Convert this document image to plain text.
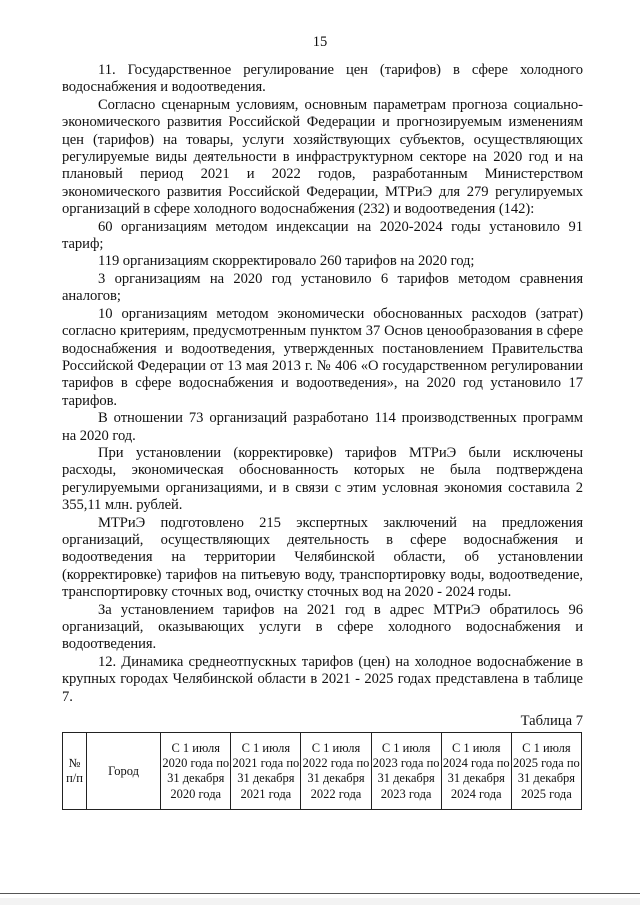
15

11. Государственное регулирование цен (тарифов) в сфере холодного водоснабжения и водоотведения.

Согласно сценарным условиям, основным параметрам прогноза социально-экономического развития Российской Федерации и прогнозируемым изменениям цен (тарифов) на товары, услуги хозяйствующих субъектов, осуществляющих регулируемые виды деятельности в инфраструктурном секторе на 2020 год и на плановый период 2021 и 2022 годов, разработанным Министерством экономического развития Российской Федерации, МТРиЭ для 279 регулируемых организаций в сфере холодного водоснабжения (232) и водоотведения (142):

60 организациям методом индексации на 2020-2024 годы установило 91 тариф;

119 организациям скорректировало 260 тарифов на 2020 год;

3 организациям на 2020 год установило 6 тарифов методом сравнения аналогов;

10 организациям методом экономически обоснованных расходов (затрат) согласно критериям, предусмотренным пунктом 37 Основ ценообразования в сфере водоснабжения и водоотведения, утвержденных постановлением Правительства Российской Федерации от 13 мая 2013 г. № 406 «О государственном регулировании тарифов в сфере водоснабжения и водоотведения», на 2020 год установило 17 тарифов.

В отношении 73 организаций разработано 114 производственных программ на 2020 год.

При установлении (корректировке) тарифов МТРиЭ были исключены расходы, экономическая обоснованность которых не была подтверждена регулируемыми организациями, и в связи с этим условная экономия составила 2 355,11 млн. рублей.

МТРиЭ подготовлено 215 экспертных заключений на предложения организаций, осуществляющих деятельность в сфере водоснабжения и водоотведения на территории Челябинской области, об установлении (корректировке) тарифов на питьевую воду, транспортировку воды, водоотведение, транспортировку сточных вод, очистку сточных вод на 2020 - 2024 годы.

За установлением тарифов на 2021 год в адрес МТРиЭ обратилось 96 организаций, оказывающих услуги в сфере холодного водоснабжения и водоотведения.

12. Динамика среднеотпускных тарифов (цен) на холодное водоснабжение в крупных городах Челябинской области в 2021 - 2025 годах представлена в таблице 7.

Таблица 7

№ п/п	Город	С 1 июля 2020 года по 31 декабря 2020 года	С 1 июля 2021 года по 31 декабря 2021 года	С 1 июля 2022 года по 31 декабря 2022 года	С 1 июля 2023 года по 31 декабря 2023 года	С 1 июля 2024 года по 31 декабря 2024 года	С 1 июля 2025 года по 31 декабря 2025 года
